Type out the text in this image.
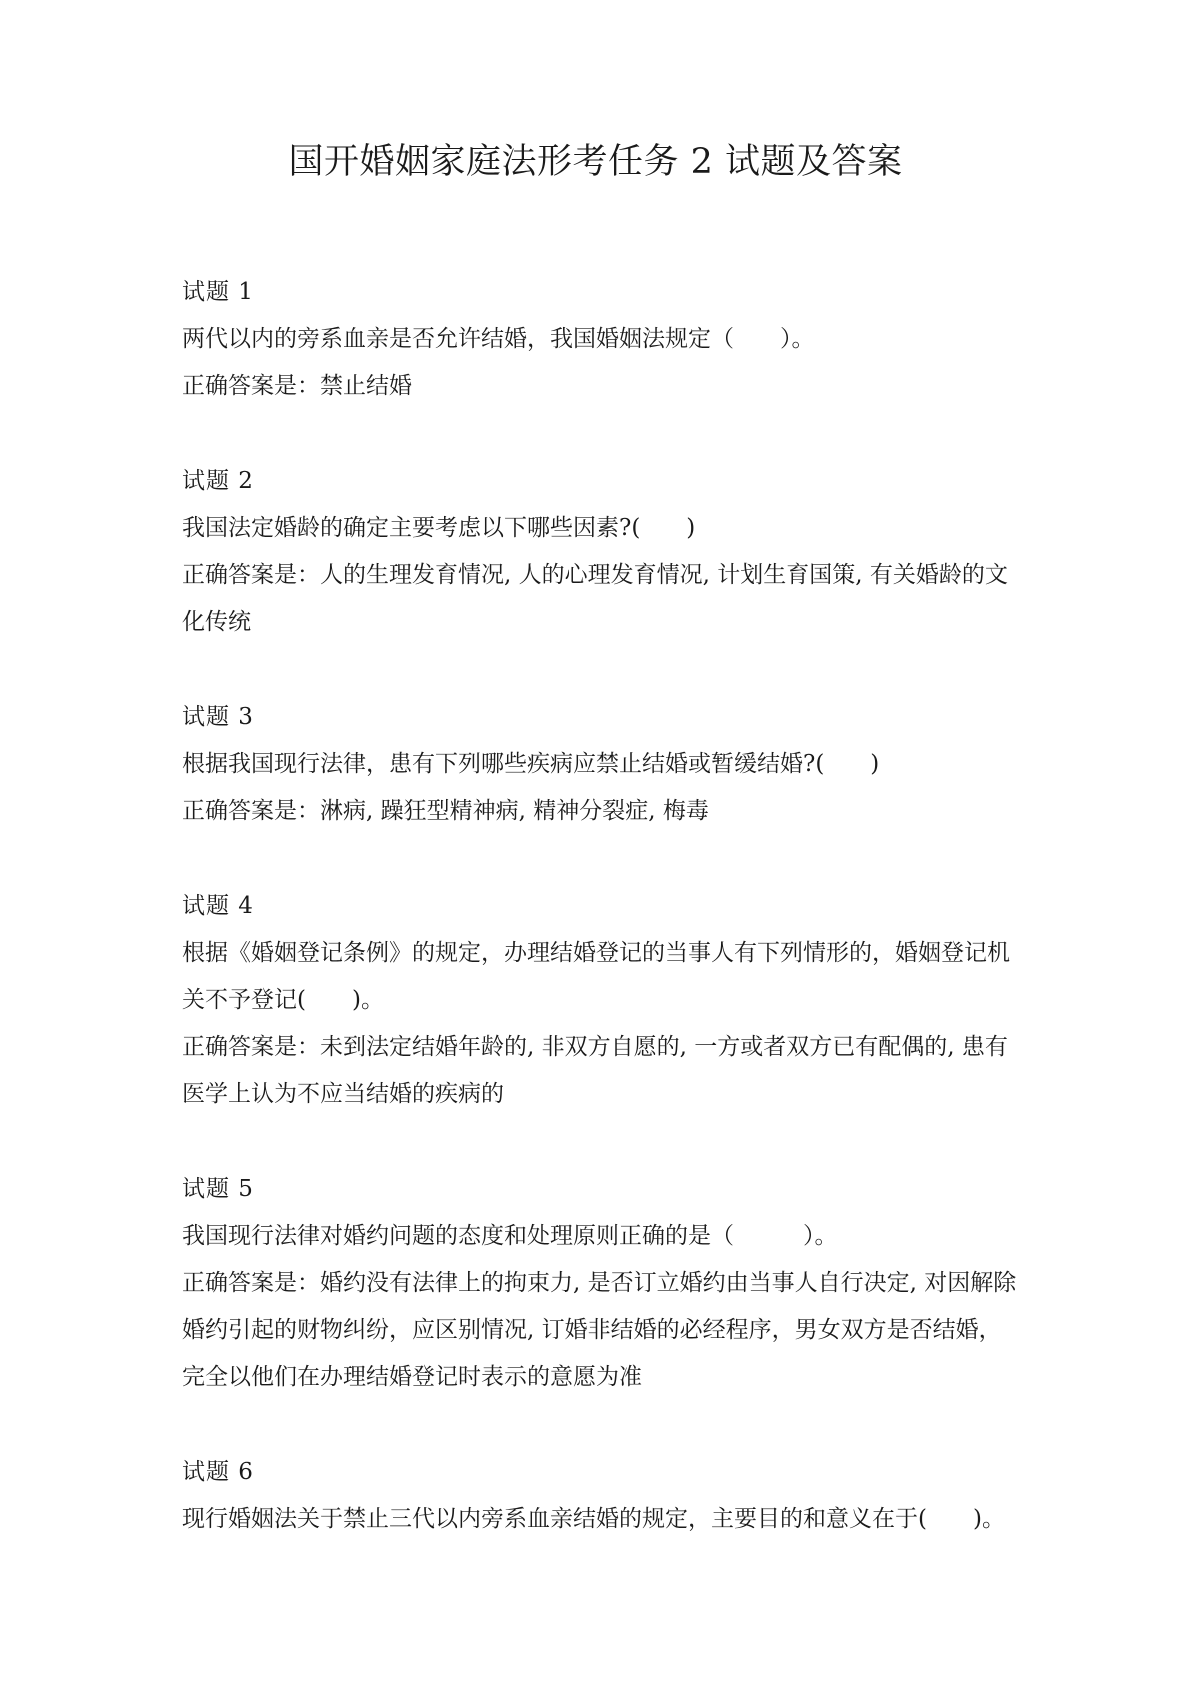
国开婚姻家庭法形考任务 2 试题及答案

试题 1

两代以内的旁系血亲是否允许结婚，我国婚姻法规定（　　）。

正确答案是：禁止结婚

试题 2

我国法定婚龄的确定主要考虑以下哪些因素?(　　)

正确答案是：人的生理发育情况, 人的心理发育情况, 计划生育国策, 有关婚龄的文化传统

试题 3

根据我国现行法律，患有下列哪些疾病应禁止结婚或暂缓结婚?(　　)

正确答案是：淋病, 躁狂型精神病, 精神分裂症, 梅毒

试题 4

根据《婚姻登记条例》的规定，办理结婚登记的当事人有下列情形的，婚姻登记机关不予登记(　　)。

正确答案是：未到法定结婚年龄的, 非双方自愿的, 一方或者双方已有配偶的, 患有医学上认为不应当结婚的疾病的

试题 5

我国现行法律对婚约问题的态度和处理原则正确的是（　　　）。

正确答案是：婚约没有法律上的拘束力, 是否订立婚约由当事人自行决定, 对因解除婚约引起的财物纠纷，应区别情况, 订婚非结婚的必经程序，男女双方是否结婚，完全以他们在办理结婚登记时表示的意愿为准

试题 6

现行婚姻法关于禁止三代以内旁系血亲结婚的规定，主要目的和意义在于(　　)。
